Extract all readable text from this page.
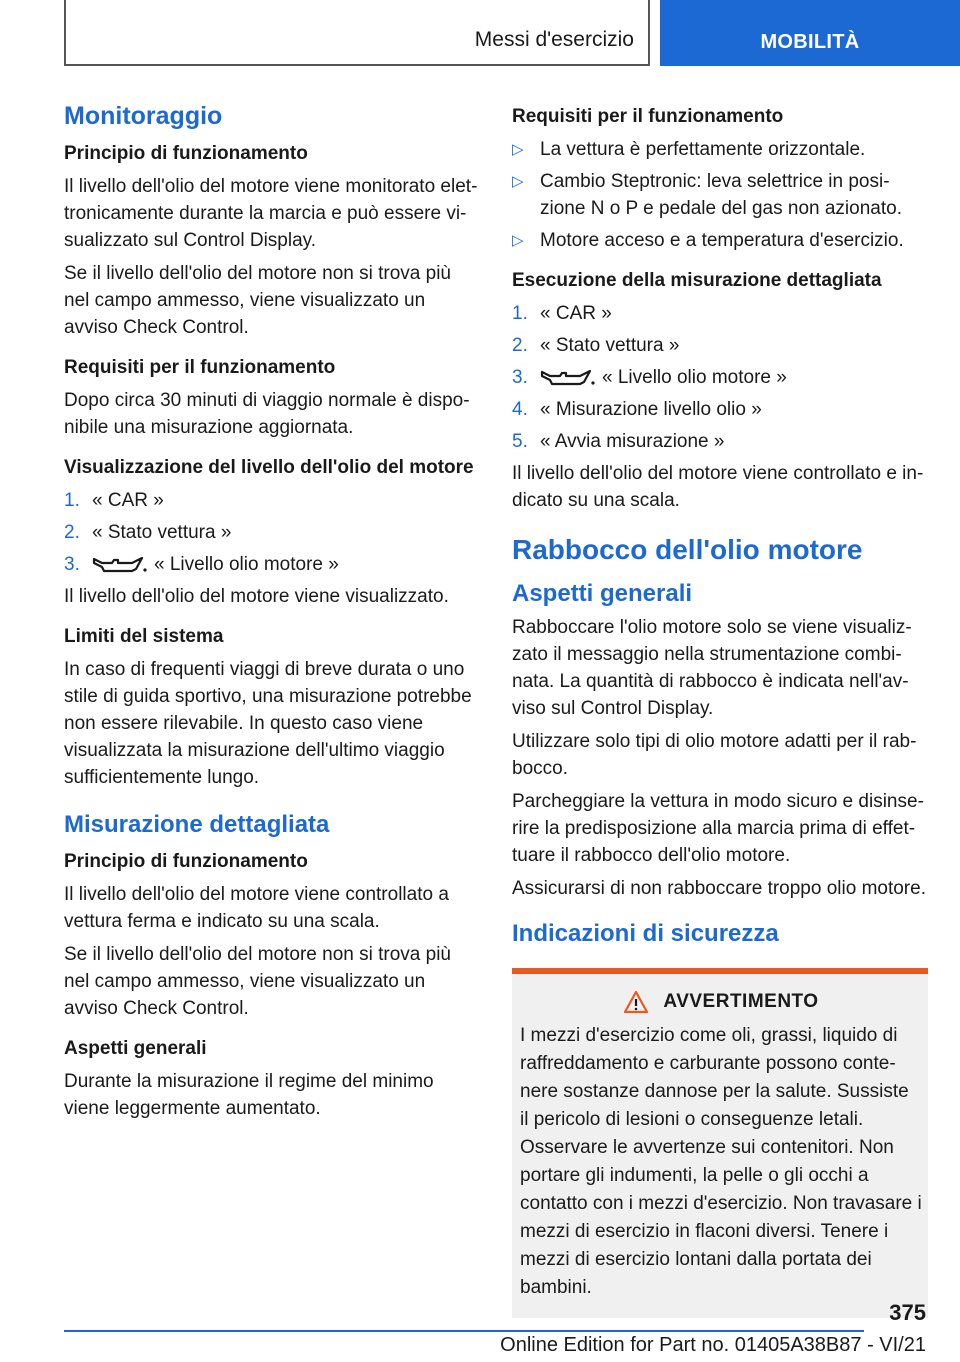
Messi d'esercizio	MOBILITÀ
Monitoraggio
Principio di funzionamento

Il livello dell'olio del motore viene monitorato elettronicamente durante la marcia e può essere visualizzato sul Control Display.

Se il livello dell'olio del motore non si trova più nel campo ammesso, viene visualizzato un avviso Check Control.

Requisiti per il funzionamento

Dopo circa 30 minuti di viaggio normale è disponibile una misurazione aggiornata.

Visualizzazione del livello dell'olio del motore
1. « CAR »
2. « Stato vettura »
3.	« Livello olio motore »

Il livello dell'olio del motore viene visualizzato.

Limiti del sistema

In caso di frequenti viaggi di breve durata o uno stile di guida sportivo, una misurazione potrebbe non essere rilevabile. In questo caso viene visualizzata la misurazione dell'ultimo viaggio sufficientemente lungo.

Misurazione dettagliata
Principio di funzionamento

Il livello dell'olio del motore viene controllato a vettura ferma e indicato su una scala.

Se il livello dell'olio del motore non si trova più nel campo ammesso, viene visualizzato un avviso Check Control.

Aspetti generali

Durante la misurazione il regime del minimo viene leggermente aumentato.

Requisiti per il funzionamento
▷ La vettura è perfettamente orizzontale.
▷ Cambio Steptronic: leva selettrice in posizione N o P e pedale del gas non azionato.
▷ Motore acceso e a temperatura d'esercizio.
Esecuzione della misurazione dettagliata
1. « CAR »
2. « Stato vettura »
3.	« Livello olio motore »
4. « Misurazione livello olio »
5. « Avvia misurazione »

Il livello dell'olio del motore viene controllato e indicato su una scala.

Rabbocco dell'olio motore
Aspetti generali

Rabboccare l'olio motore solo se viene visualizzato il messaggio nella strumentazione combinata. La quantità di rabbocco è indicata nell'avviso sul Control Display.

Utilizzare solo tipi di olio motore adatti per il rabbocco.

Parcheggiare la vettura in modo sicuro e disinserire la predisposizione alla marcia prima di effettuare il rabbocco dell'olio motore.

Assicurarsi di non rabboccare troppo olio motore.

Indicazioni di sicurezza
AVVERTIMENTO

I mezzi d'esercizio come oli, grassi, liquido di raffreddamento e carburante possono contenere sostanze dannose per la salute. Sussiste il pericolo di lesioni o conseguenze letali. Osservare le avvertenze sui contenitori. Non portare gli indumenti, la pelle o gli occhi a contatto con i mezzi d'esercizio. Non travasare i mezzi di esercizio in flaconi diversi. Tenere i mezzi di esercizio lontani dalla portata dei bambini.

375
Online Edition for Part no. 01405A38B87 - VI/21
